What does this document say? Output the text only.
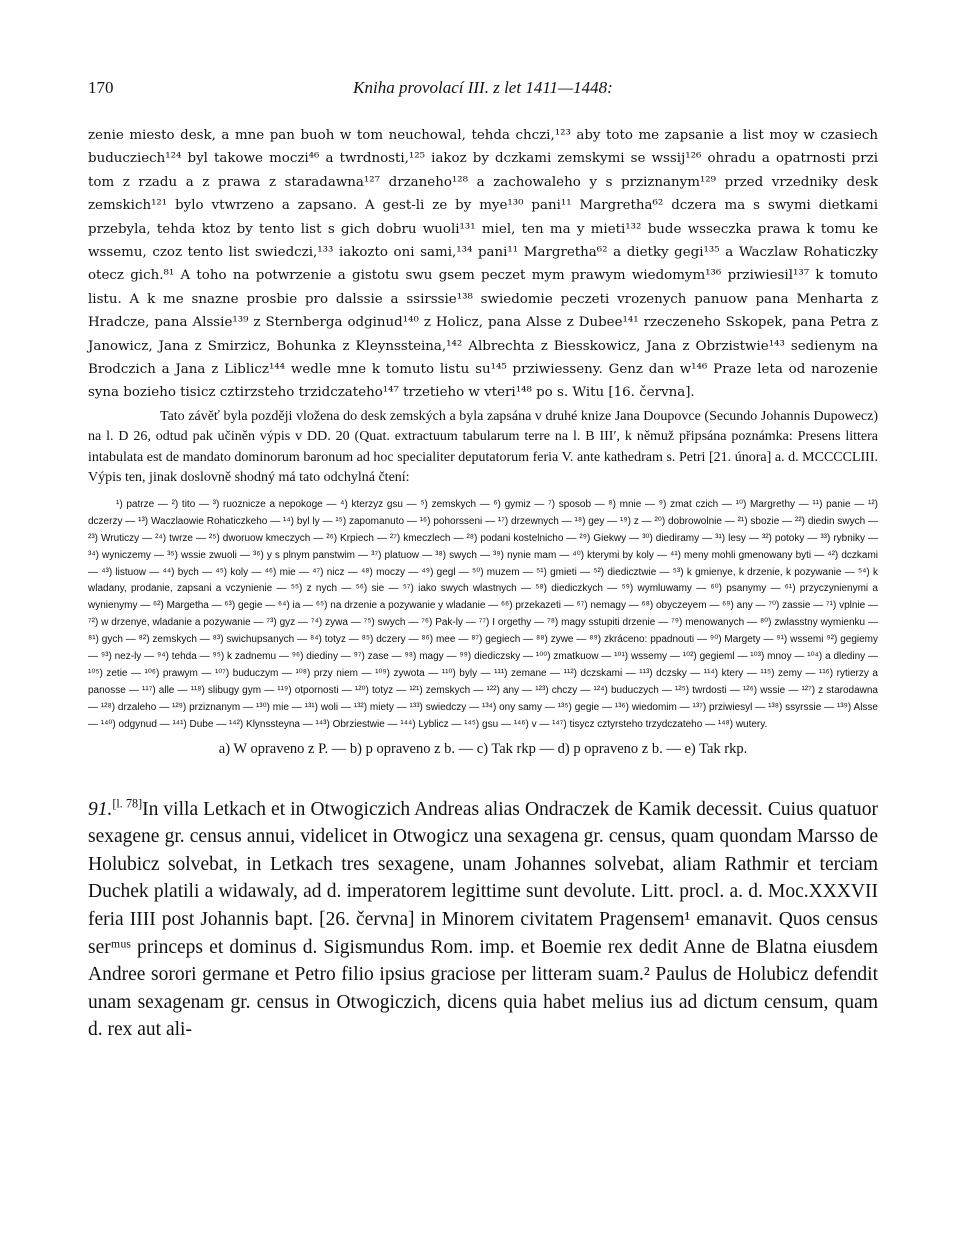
170	Kniha provolací III. z let 1411—1448:

zenie miesto desk, a mne pan buoh w tom neuchowal, tehda chczi,¹²³ aby toto me zapsanie a list moy w czasiech buducziech¹²⁴ byl takowe moczi⁴⁶ a twrdnosti,¹²⁵ iakoz by dczkami zemskymi se wssij¹²⁶ ohradu a opatrnosti przi tom z rzadu a z prawa z staradawna¹²⁷ drzaneho¹²⁸ a zachowaleho y s prziznanym¹²⁹ przed vrzedniky desk zemskich¹²¹ bylo vtwrzeno a zapsano. A gest-li ze by mye¹³⁰ pani¹¹ Margretha⁶² dczera ma s swymi dietkami przebyla, tehda ktoz by tento list s gich dobru wuoli¹³¹ miel, ten ma y mieti¹³² bude wsseczka prawa k tomu ke wssemu, czoz tento list swiedczi,¹³³ iakozto oni sami,¹³⁴ pani¹¹ Margretha⁶² a dietky gegi¹³⁵ a Waczlaw Rohaticzky otecz gich.⁸¹ A toho na potwrzenie a gistotu swu gsem peczet mym prawym wiedomym¹³⁶ prziwiesil¹³⁷ k tomuto listu. A k me snazne prosbie pro dalssie a ssirssie¹³⁸ swiedomie peczeti vrozenych panuow pana Menharta z Hradcze, pana Alssie¹³⁹ z Sternberga odginud¹⁴⁰ z Holicz, pana Alsse z Dubee¹⁴¹ rzeczeneho Sskopek, pana Petra z Janowicz, Jana z Smirzicz, Bohunka z Kleynssteina,¹⁴² Albrechta z Biesskowicz, Jana z Obrzistwie¹⁴³ sedienym na Brodczich a Jana z Liblicz¹⁴⁴ wedle mne k tomuto listu su¹⁴⁵ prziwiesseny. Genz dan w¹⁴⁶ Praze leta od narozenie syna bozieho tisicz cztirzsteho trzidczateho¹⁴⁷ trzetieho w vteri¹⁴⁸ po s. Witu [16. června].

Tato závěť byla později vložena do desk zemských a byla zapsána v druhé knize Jana Doupovce (Secundo Johannis Dupowecz) na l. D 26, odtud pak učiněn výpis v DD. 20 (Quat. extractuum tabularum terre na l. B III′, k němuž připsána poznámka: Presens littera intabulata est de mandato dominorum baronum ad hoc specialiter deputatorum feria V. ante kathedram s. Petri [21. února] a. d. MCCCCLIII. Výpis ten, jinak doslovně shodný má tato odchylná čtení:

¹) patrze — ²) tito — ³) ruoznicze a nepokoge — ⁴) kterzyz gsu — ⁵) zemskych — ⁶) gymiz — ⁷) sposob — ⁸) mnie — ⁹) zmat czich — ¹⁰) Margrethy — ¹¹) panie — ¹²) dczerzy — ¹³) Waczlaowie Rohaticzkeho — ¹⁴) byl ly — ¹⁵) zapomanuto — ¹⁶) pohorsseni — ¹⁷) drzewnych — ¹⁸) gey — ¹⁹) z — ²⁰) dobrowolnie — ²¹) sbozie — ²²) diedin swych — ²³) Wruticzy — ²⁴) twrze — ²⁵) dworuow kmeczych — ²⁶) Krpiech — ²⁷) kmeczlech — ²⁸) podani kostelnicho — ²⁹) Giekwy — ³⁰) diediramy — ³¹) lesy — ³²) potoky — ³³) rybniky — ³⁴) wyniczemy — ³⁵) wssie zwuoli — ³⁶) y s plnym panstwim — ³⁷) platuow — ³⁸) swych — ³⁹) nynie mam — ⁴⁰) kterymi by koly — ⁴¹) meny mohli gmenowany byti — ⁴²) dczkami — ⁴³) listuow — ⁴⁴) bych — ⁴⁵) koly — ⁴⁶) mie — ⁴⁷) nicz — ⁴⁸) moczy — ⁴⁹) gegl — ⁵⁰) muzem — ⁵¹) gmieti — ⁵²) diedicztwie — ⁵³) k gmienye, k drzenie, k pozywanie — ⁵⁴) k wladany, prodanie, zapsani a vczynienie — ⁵⁵) z nych — ⁵⁶) sie — ⁵⁷) iako swych wlastnych — ⁵⁸) diediczkych — ⁵⁹) wymluwamy — ⁶⁰) psanymy — ⁶¹) przyczynienymi a wynienymy — ⁶²) Margetha — ⁶³) gegie — ⁶⁴) ia — ⁶⁵) na drzenie a pozywanie y wladanie — ⁶⁶) przekazeti — ⁶⁷) nemagy — ⁶⁸) obyczeyem — ⁶⁹) any — ⁷⁰) zassie — ⁷¹) vplnie — ⁷²) w drzenye, wladanie a pozywanie — ⁷³) gyz — ⁷⁴) zywa — ⁷⁵) swych — ⁷⁶) Pak-ly — ⁷⁷) I orgethy — ⁷⁸) magy sstupiti drzenie — ⁷⁹) menowanych — ⁸⁰) zwlasstny wymienku — ⁸¹) gych — ⁸²) zemskych — ⁸³) swichupsanych — ⁸⁴) totyz — ⁸⁵) dczery — ⁸⁶) mee — ⁸⁷) gegiech — ⁸⁸) zywe — ⁸⁹) zkráceno: ppadnouti — ⁹⁰) Margety — ⁹¹) wssemi ⁹²) gegiemy — ⁹³) nez-ly — ⁹⁴) tehda — ⁹⁵) k zadnemu — ⁹⁶) diediny — ⁹⁷) zase — ⁹⁸) magy — ⁹⁹) diediczsky — ¹⁰⁰) zmatkuow — ¹⁰¹) wssemy — ¹⁰²) gegieml — ¹⁰³) mnoy — ¹⁰⁴) a dlediny — ¹⁰⁵) zetie — ¹⁰⁶) prawym — ¹⁰⁷) buduczym — ¹⁰⁸) przy niem — ¹⁰⁹) zywota — ¹¹⁰) byly — ¹¹¹) zemane — ¹¹²) dczskami — ¹¹³) dczsky — ¹¹⁴) ktery — ¹¹⁵) zemy — ¹¹⁶) rytierzy a panosse — ¹¹⁷) alle — ¹¹⁸) slibugy gym — ¹¹⁹) otpornosti — ¹²⁰) totyz — ¹²¹) zemskych — ¹²²) any — ¹²³) chczy — ¹²⁴) buduczych — ¹²⁵) twrdosti — ¹²⁶) wssie — ¹²⁷) z starodawna — ¹²⁸) drzaleho — ¹²⁹) prziznanym — ¹³⁰) mie — ¹³¹) woli — ¹³²) miety — ¹³³) swiedczy — ¹³⁴) ony samy — ¹³⁵) gegie — ¹³⁶) wiedomim — ¹³⁷) prziwiesyl — ¹³⁸) ssyrssie — ¹³⁹) Alsse — ¹⁴⁰) odgynud — ¹⁴¹) Dube — ¹⁴²) Klynssteyna — ¹⁴³) Obrziestwie — ¹⁴⁴) Lyblicz — ¹⁴⁵) gsu — ¹⁴⁶) v — ¹⁴⁷) tisycz cztyrsteho trzydczateho — ¹⁴⁸) wutery.

a) W opraveno z P. — b) p opraveno z b. — c) Tak rkp — d) p opraveno z b. — e) Tak rkp.

91.[l. 78]In villa Letkach et in Otwogiczich Andreas alias Ondraczek de Kamik decessit. Cuius quatuor sexagene gr. census annui, videlicet in Otwogicz una sexagena gr. census, quam quondam Marsso de Holubicz solvebat, in Letkach tres sexagene, unam Johannes solvebat, aliam Rathmir et terciam Duchek platili a widawaly, ad d. imperatorem legittime sunt devolute. Litt. procl. a. d. Moc.XXXVII feria IIII post Johannis bapt. [26. června] in Minorem civitatem Pragensem¹ emanavit. Quos census serᵐᵘˢ princeps et dominus d. Sigismundus Rom. imp. et Boemie rex dedit Anne de Blatna eiusdem Andree sorori germane et Petro filio ipsius graciose per litteram suam.² Paulus de Holubicz defendit unam sexagenam gr. census in Otwogiczich, dicens quia habet melius ius ad dictum censum, quam d. rex aut ali-
